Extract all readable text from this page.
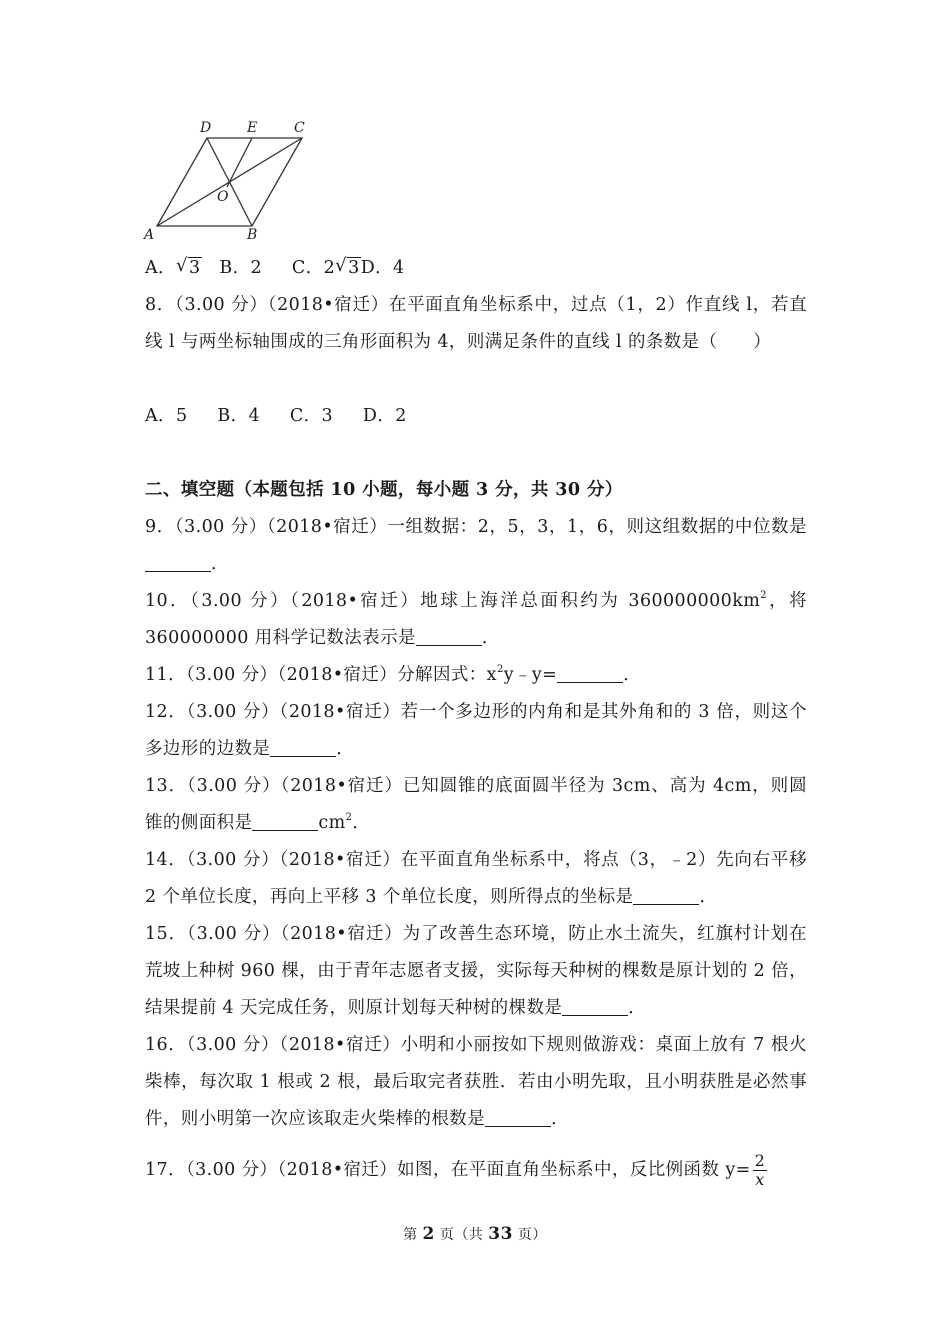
D	E	C
O
A	B
A． √ 3 B．2 C．2 √ 3D．4
8．（3.00 分）（2018•宿迁）在平面直角坐标系中，过点（1，2）作直线 l，若直线 l 与两坐标轴围成的三角形面积为 4，则满足条件的直线 l 的条数是（　　）
A．5 B．4 C．3 D．2
二、填空题（本题包括 10 小题，每小题 3 分，共 30 分）
9．（3.00 分）（2018•宿迁）一组数据：2，5，3，1，6，则这组数据的中位数是．
10．（3.00 分）（2018•宿迁）地球上海洋总面积约为 $360000000km^2$，将 360000000 用科学记数法表示是	．
11．（3.00 分）（2018•宿迁）分解因式：$x^2y﹣y=$	．
12．（3.00 分）（2018•宿迁）若一个多边形的内角和是其外角和的 3 倍，则这个多边形的边数是	．
13．（3.00 分）（2018•宿迁）已知圆锥的底面圆半径为 3cm、高为 4cm，则圆锥的侧面积是	$cm^2$．
14．（3.00 分）（2018•宿迁）在平面直角坐标系中，将点（3，﹣2）先向右平移 2 个单位长度，再向上平移 3 个单位长度，则所得点的坐标是	．
15．（3.00 分）（2018•宿迁）为了改善生态环境，防止水土流失，红旗村计划在荒坡上种树 960 棵，由于青年志愿者支援，实际每天种树的棵数是原计划的 2 倍，结果提前 4 天完成任务，则原计划每天种树的棵数是	．
16．（3.00 分）（2018•宿迁）小明和小丽按如下规则做游戏：桌面上放有 7 根火柴棒，每次取 1 根或 2 根，最后取完者获胜．若由小明先取，且小明获胜是必然事件，则小明第一次应该取走火柴棒的根数是	．
17．（3.00 分）（2018•宿迁）如图，在平面直角坐标系中，反比例函数 $y= \frac{2}{x}$
第 2 页（共 33 页）
